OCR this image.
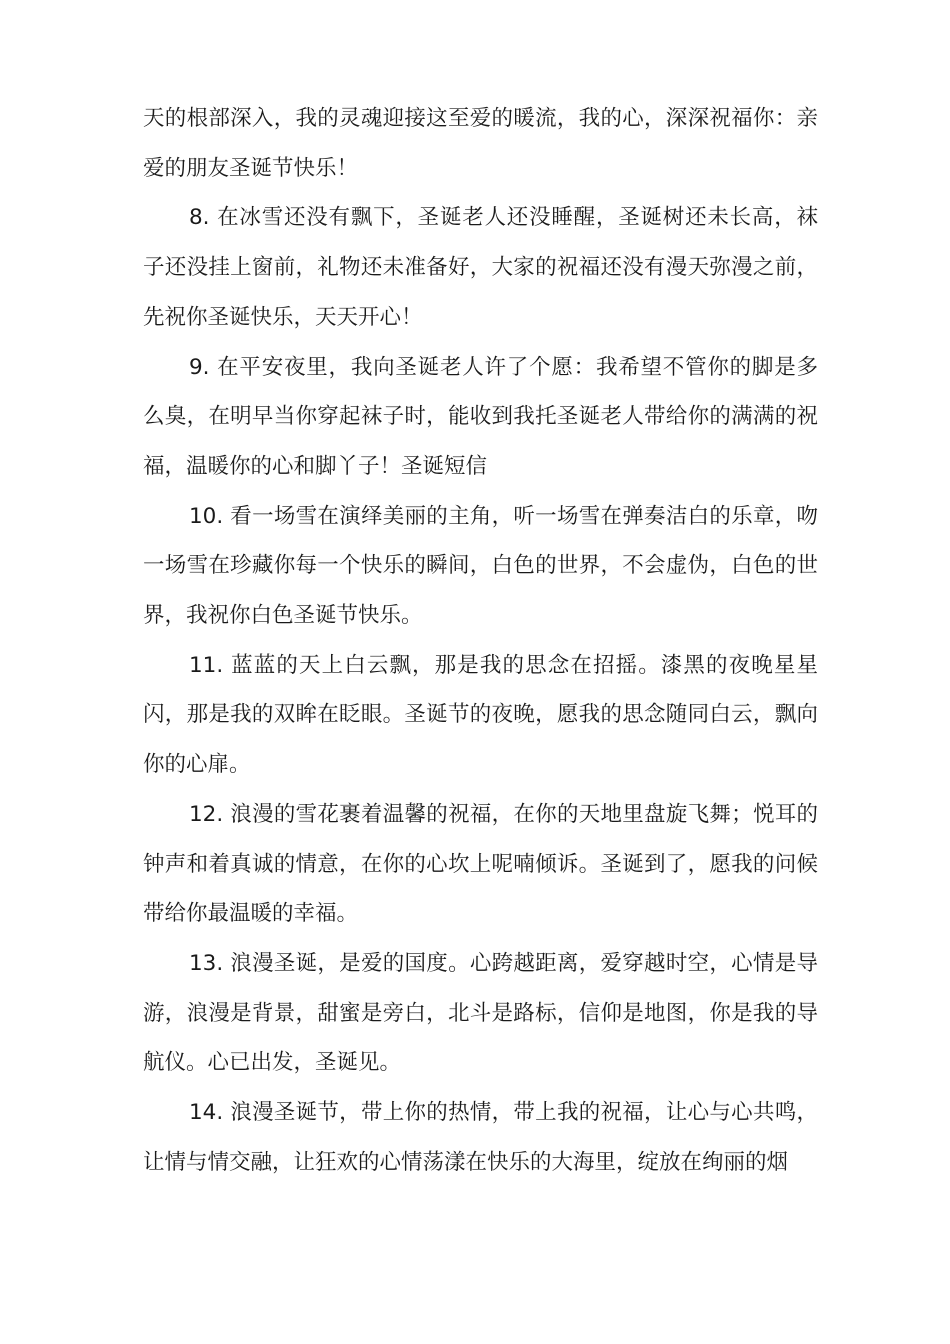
天的根部深入，我的灵魂迎接这至爱的暖流，我的心，深深祝福你：亲爱的朋友圣诞节快乐！

8. 在冰雪还没有飘下，圣诞老人还没睡醒，圣诞树还未长高，袜子还没挂上窗前，礼物还未准备好，大家的祝福还没有漫天弥漫之前，先祝你圣诞快乐，天天开心！

9. 在平安夜里，我向圣诞老人许了个愿：我希望不管你的脚是多么臭，在明早当你穿起袜子时，能收到我托圣诞老人带给你的满满的祝福，温暖你的心和脚丫子！圣诞短信

10. 看一场雪在演绎美丽的主角，听一场雪在弹奏洁白的乐章，吻一场雪在珍藏你每一个快乐的瞬间，白色的世界，不会虚伪，白色的世界，我祝你白色圣诞节快乐。

11. 蓝蓝的天上白云飘，那是我的思念在招摇。漆黑的夜晚星星闪，那是我的双眸在眨眼。圣诞节的夜晚，愿我的思念随同白云，飘向你的心扉。

12. 浪漫的雪花裹着温馨的祝福，在你的天地里盘旋飞舞；悦耳的钟声和着真诚的情意，在你的心坎上呢喃倾诉。圣诞到了，愿我的问候带给你最温暖的幸福。

13. 浪漫圣诞，是爱的国度。心跨越距离，爱穿越时空，心情是导游，浪漫是背景，甜蜜是旁白，北斗是路标，信仰是地图，你是我的导航仪。心已出发，圣诞见。

14. 浪漫圣诞节，带上你的热情，带上我的祝福，让心与心共鸣，让情与情交融，让狂欢的心情荡漾在快乐的大海里，绽放在绚丽的烟
